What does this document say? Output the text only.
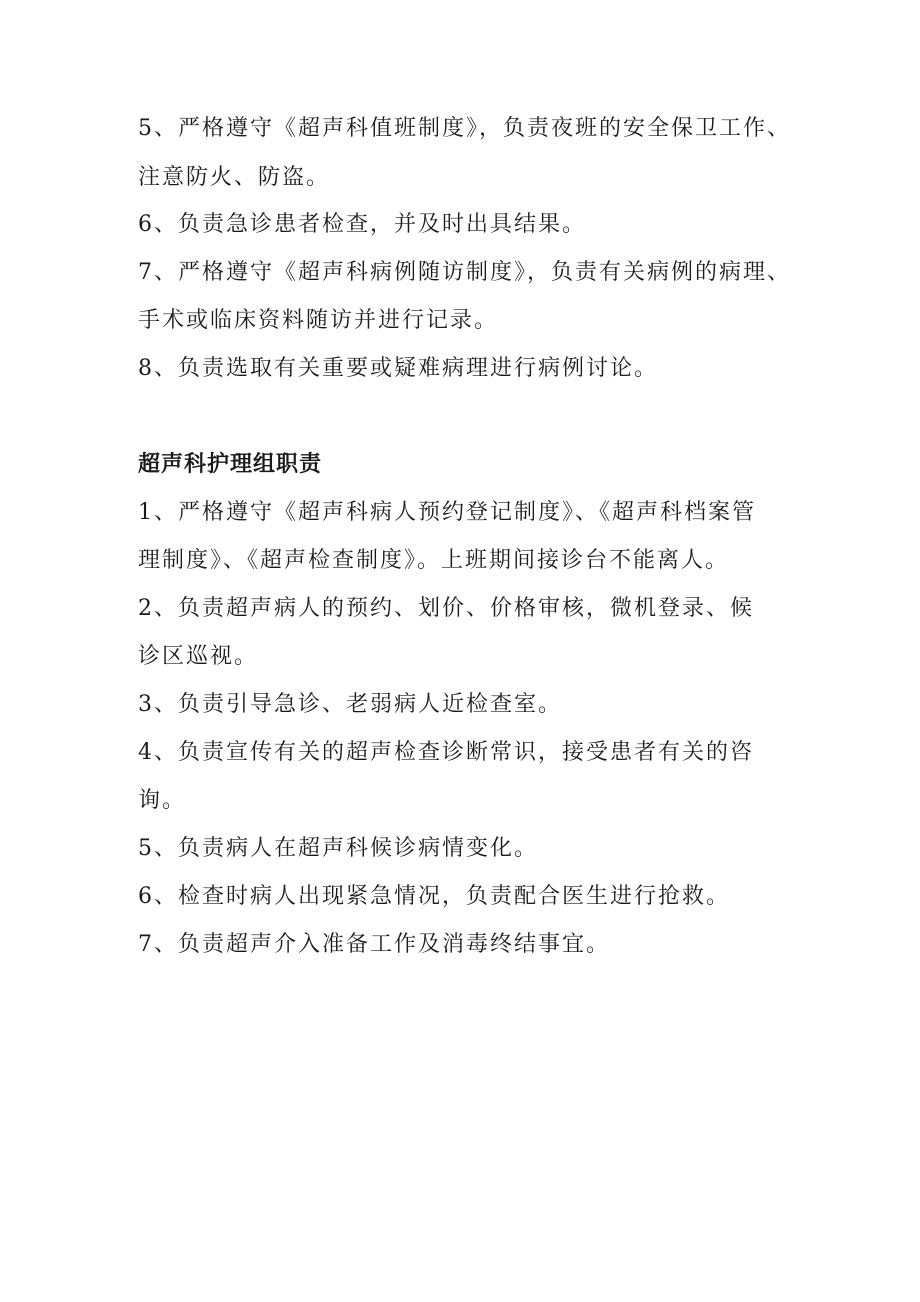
5、严格遵守《超声科值班制度》，负责夜班的安全保卫工作、
注意防火、防盗。
6、负责急诊患者检查，并及时出具结果。
7、严格遵守《超声科病例随访制度》，负责有关病例的病理、
手术或临床资料随访并进行记录。
8、负责选取有关重要或疑难病理进行病例讨论。
超声科护理组职责
1、严格遵守《超声科病人预约登记制度》、《超声科档案管
理制度》、《超声检查制度》。上班期间接诊台不能离人。
2、负责超声病人的预约、划价、价格审核，微机登录、候
诊区巡视。
3、负责引导急诊、老弱病人近检查室。
4、负责宣传有关的超声检查诊断常识，接受患者有关的咨
询。
5、负责病人在超声科候诊病情变化。
6、检查时病人出现紧急情况，负责配合医生进行抢救。
7、负责超声介入准备工作及消毒终结事宜。
